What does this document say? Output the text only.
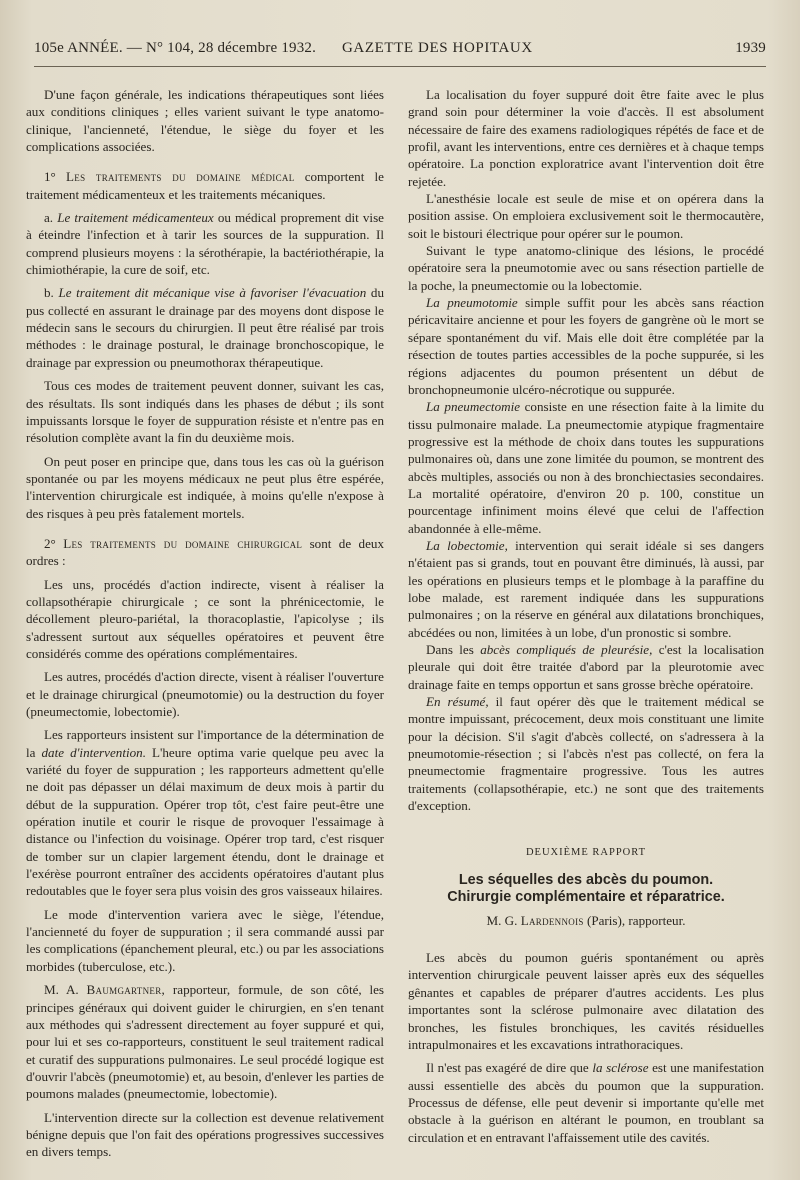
105e ANNÉE. — N° 104, 28 décembre 1932. GAZETTE DES HOPITAUX	1939

D'une façon générale, les indications thérapeutiques sont liées aux conditions cliniques ; elles varient suivant le type anatomo-clinique, l'ancienneté, l'étendue, le siège du foyer et les complications associées.

1° Les traitements du domaine médical comportent le traitement médicamenteux et les traitements mécaniques.

a. Le traitement médicamenteux ou médical proprement dit vise à éteindre l'infection et à tarir les sources de la suppuration. Il comprend plusieurs moyens : la sérothérapie, la bactériothérapie, la chimiothérapie, la cure de soif, etc.

b. Le traitement dit mécanique vise à favoriser l'évacuation du pus collecté en assurant le drainage par des moyens dont dispose le médecin sans le secours du chirurgien. Il peut être réalisé par trois méthodes : le drainage postural, le drainage bronchoscopique, le drainage par expression ou pneumothorax thérapeutique.

Tous ces modes de traitement peuvent donner, suivant les cas, des résultats. Ils sont indiqués dans les phases de début ; ils sont impuissants lorsque le foyer de suppuration résiste et n'entre pas en résolution complète avant la fin du deuxième mois.

On peut poser en principe que, dans tous les cas où la guérison spontanée ou par les moyens médicaux ne peut plus être espérée, l'intervention chirurgicale est indiquée, à moins qu'elle n'expose à des risques à peu près fatalement mortels.

2° Les traitements du domaine chirurgical sont de deux ordres :

Les uns, procédés d'action indirecte, visent à réaliser la collapsothérapie chirurgicale ; ce sont la phrénicectomie, le décollement pleuro-pariétal, la thoracoplastie, l'apicolyse ; ils s'adressent surtout aux séquelles opératoires et peuvent être considérés comme des opérations complémentaires.

Les autres, procédés d'action directe, visent à réaliser l'ouverture et le drainage chirurgical (pneumotomie) ou la destruction du foyer (pneumectomie, lobectomie).

Les rapporteurs insistent sur l'importance de la détermination de la date d'intervention. L'heure optima varie quelque peu avec la variété du foyer de suppuration ; les rapporteurs admettent qu'elle ne doit pas dépasser un délai maximum de deux mois à partir du début de la suppuration. Opérer trop tôt, c'est faire peut-être une opération inutile et courir le risque de provoquer l'essaimage à distance ou l'infection du voisinage. Opérer trop tard, c'est risquer de tomber sur un clapier largement étendu, dont le drainage et l'exérèse pourront entraîner des accidents opératoires d'autant plus redoutables que le foyer sera plus voisin des gros vaisseaux hilaires.

Le mode d'intervention variera avec le siège, l'étendue, l'ancienneté du foyer de suppuration ; il sera commandé aussi par les complications (épanchement pleural, etc.) ou par les associations morbides (tuberculose, etc.).

M. A. Baumgartner, rapporteur, formule, de son côté, les principes généraux qui doivent guider le chirurgien, en s'en tenant aux méthodes qui s'adressent directement au foyer suppuré et qui, pour lui et ses co-rapporteurs, constituent le seul traitement radical et curatif des suppurations pulmonaires. Le seul procédé logique est d'ouvrir l'abcès (pneumotomie) et, au besoin, d'enlever les parties de poumons malades (pneumectomie, lobectomie).

L'intervention directe sur la collection est devenue relativement bénigne depuis que l'on fait des opérations progressives successives en divers temps.

La localisation du foyer suppuré doit être faite avec le plus grand soin pour déterminer la voie d'accès. Il est absolument nécessaire de faire des examens radiologiques répétés de face et de profil, avant les interventions, entre ces dernières et à chaque temps opératoire. La ponction exploratrice avant l'intervention doit être rejetée.

L'anesthésie locale est seule de mise et on opérera dans la position assise. On emploiera exclusivement soit le thermocautère, soit le bistouri électrique pour opérer sur le poumon.

Suivant le type anatomo-clinique des lésions, le procédé opératoire sera la pneumotomie avec ou sans résection partielle de la poche, la pneumectomie ou la lobectomie.

La pneumotomie simple suffit pour les abcès sans réaction péricavitaire ancienne et pour les foyers de gangrène où le mort se sépare spontanément du vif. Mais elle doit être complétée par la résection de toutes parties accessibles de la poche suppurée, si les régions adjacentes du poumon présentent un début de bronchopneumonie ulcéro-nécrotique ou suppurée.

La pneumectomie consiste en une résection faite à la limite du tissu pulmonaire malade. La pneumectomie atypique fragmentaire progressive est la méthode de choix dans toutes les suppurations pulmonaires où, dans une zone limitée du poumon, se montrent des abcès multiples, associés ou non à des bronchiectasies secondaires. La mortalité opératoire, d'environ 20 p. 100, constitue un pourcentage infiniment moins élevé que celui de l'affection abandonnée à elle-même.

La lobectomie, intervention qui serait idéale si ses dangers n'étaient pas si grands, tout en pouvant être diminués, là aussi, par les opérations en plusieurs temps et le plombage à la paraffine du lobe malade, est rarement indiquée dans les suppurations pulmonaires ; on la réserve en général aux dilatations bronchiques, abcédées ou non, limitées à un lobe, d'un pronostic si sombre.

Dans les abcès compliqués de pleurésie, c'est la localisation pleurale qui doit être traitée d'abord par la pleurotomie avec drainage faite en temps opportun et sans grosse brèche opératoire.

En résumé, il faut opérer dès que le traitement médical se montre impuissant, précocement, deux mois constituant une limite pour la décision. S'il s'agit d'abcès collecté, on s'adressera à la pneumotomie-résection ; si l'abcès n'est pas collecté, on fera la pneumectomie fragmentaire progressive. Tous les autres traitements (collapsothérapie, etc.) ne sont que des traitements d'exception.

DEUXIÈME RAPPORT

Les séquelles des abcès du poumon.
Chirurgie complémentaire et réparatrice.

M. G. Lardennois (Paris), rapporteur.

Les abcès du poumon guéris spontanément ou après intervention chirurgicale peuvent laisser après eux des séquelles gênantes et capables de préparer d'autres accidents. Les plus importantes sont la sclérose pulmonaire avec dilatation des bronches, les fistules bronchiques, les cavités résiduelles intrapulmonaires et les excavations intrathoraciques.

Il n'est pas exagéré de dire que la sclérose est une manifestation aussi essentielle des abcès du poumon que la suppuration. Processus de défense, elle peut devenir si importante qu'elle met obstacle à la guérison en altérant le poumon, en troublant sa circulation et en entravant l'affaissement utile des cavités.
